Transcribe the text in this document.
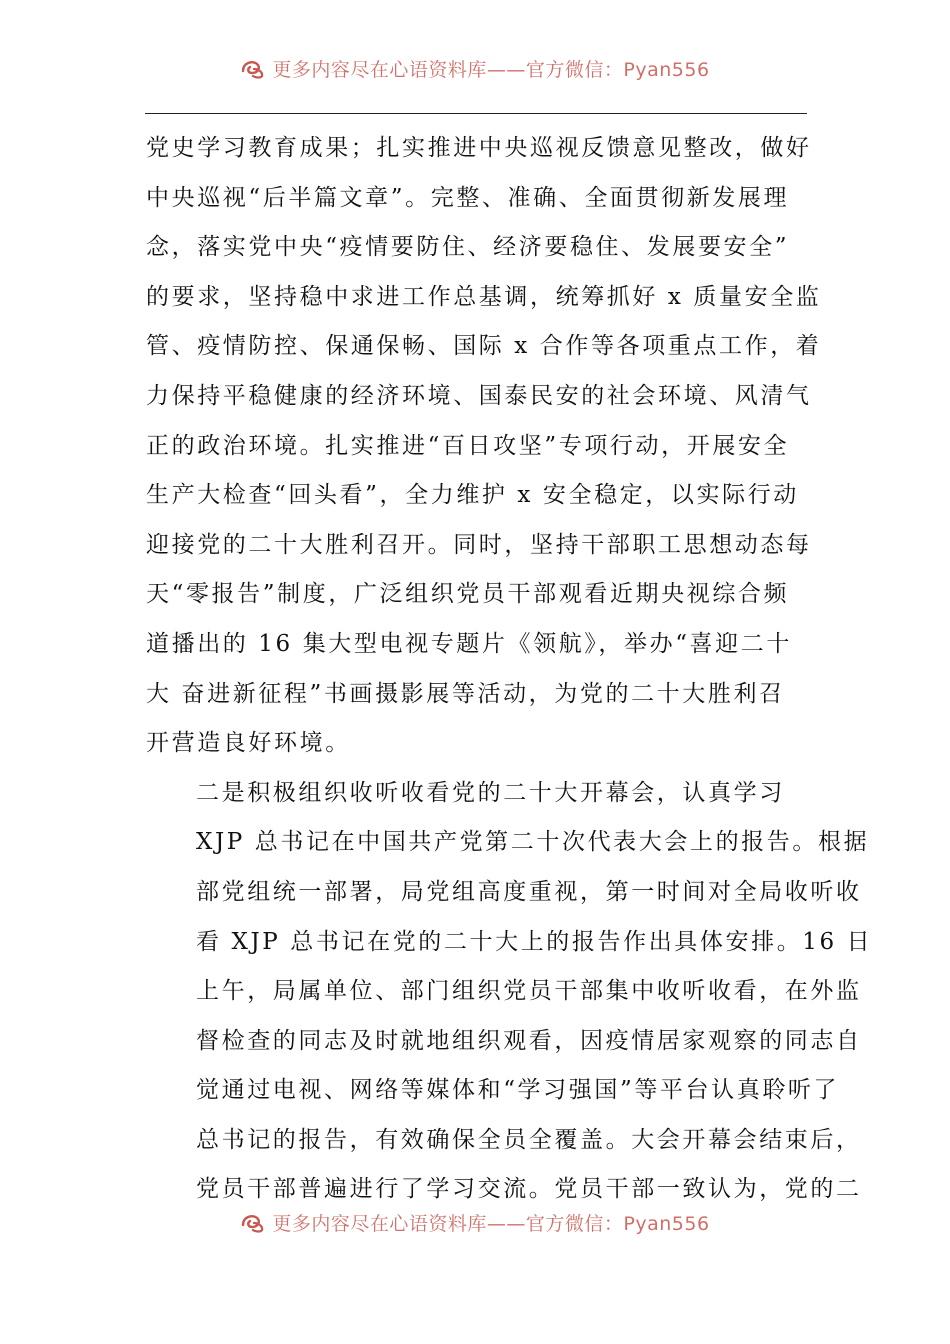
更多内容尽在心语资料库——官方微信：Pyan556

党史学习教育成果；扎实推进中央巡视反馈意见整改，做好
中央巡视“后半篇文章”。完整、准确、全面贯彻新发展理
念，落实党中央“疫情要防住、经济要稳住、发展要安全”
的要求，坚持稳中求进工作总基调，统筹抓好 x 质量安全监
管、疫情防控、保通保畅、国际 x 合作等各项重点工作，着
力保持平稳健康的经济环境、国泰民安的社会环境、风清气
正的政治环境。扎实推进“百日攻坚”专项行动，开展安全
生产大检查“回头看”，全力维护 x 安全稳定，以实际行动
迎接党的二十大胜利召开。同时，坚持干部职工思想动态每
天“零报告”制度，广泛组织党员干部观看近期央视综合频
道播出的 16 集大型电视专题片《领航》，举办“喜迎二十
大 奋进新征程”书画摄影展等活动，为党的二十大胜利召
开营造良好环境。

二是积极组织收听收看党的二十大开幕会，认真学习

XJP 总书记在中国共产党第二十次代表大会上的报告。根据
部党组统一部署，局党组高度重视，第一时间对全局收听收
看 XJP 总书记在党的二十大上的报告作出具体安排。16 日
上午，局属单位、部门组织党员干部集中收听收看，在外监
督检查的同志及时就地组织观看，因疫情居家观察的同志自
觉通过电视、网络等媒体和“学习强国”等平台认真聆听了
总书记的报告，有效确保全员全覆盖。大会开幕会结束后，
党员干部普遍进行了学习交流。党员干部一致认为，党的二

更多内容尽在心语资料库——官方微信：Pyan556
